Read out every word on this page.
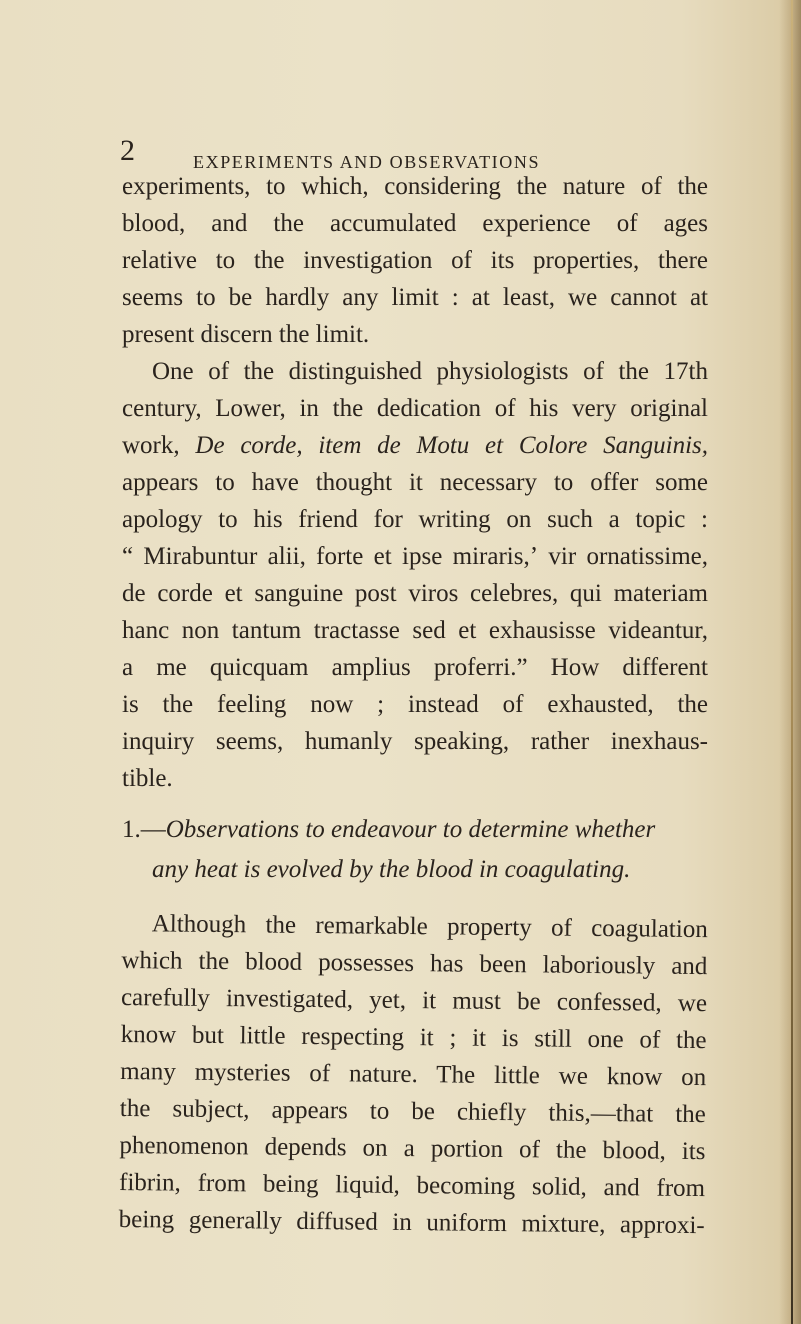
2	EXPERIMENTS AND OBSERVATIONS
experiments, to which, considering the nature of the
blood, and the accumulated experience of ages
relative to the investigation of its properties, there
seems to be hardly any limit : at least, we cannot at
present discern the limit.
One of the distinguished physiologists of the 17th
century, Lower, in the dedication of his very original
work, De corde, item de Motu et Colore Sanguinis,
appears to have thought it necessary to offer some
apology to his friend for writing on such a topic :
“ Mirabuntur alii, forte et ipse miraris,ʼ vir ornatissime,
de corde et sanguine post viros celebres, qui materiam
hanc non tantum tractasse sed et exhausisse videantur,
a me quicquam amplius proferri.” How different
is the feeling now ; instead of exhausted, the
inquiry seems, humanly speaking, rather inexhaus-
tible.
1.—Observations to endeavour to determine whether
any heat is evolved by the blood in coagulating.
Although the remarkable property of coagulation
which the blood possesses has been laboriously and
carefully investigated, yet, it must be confessed, we
know but little respecting it ; it is still one of the
many mysteries of nature. The little we know on
the subject, appears to be chiefly this,—that the
phenomenon depends on a portion of the blood, its
fibrin, from being liquid, becoming solid, and from
being generally diffused in uniform mixture, approxi-
